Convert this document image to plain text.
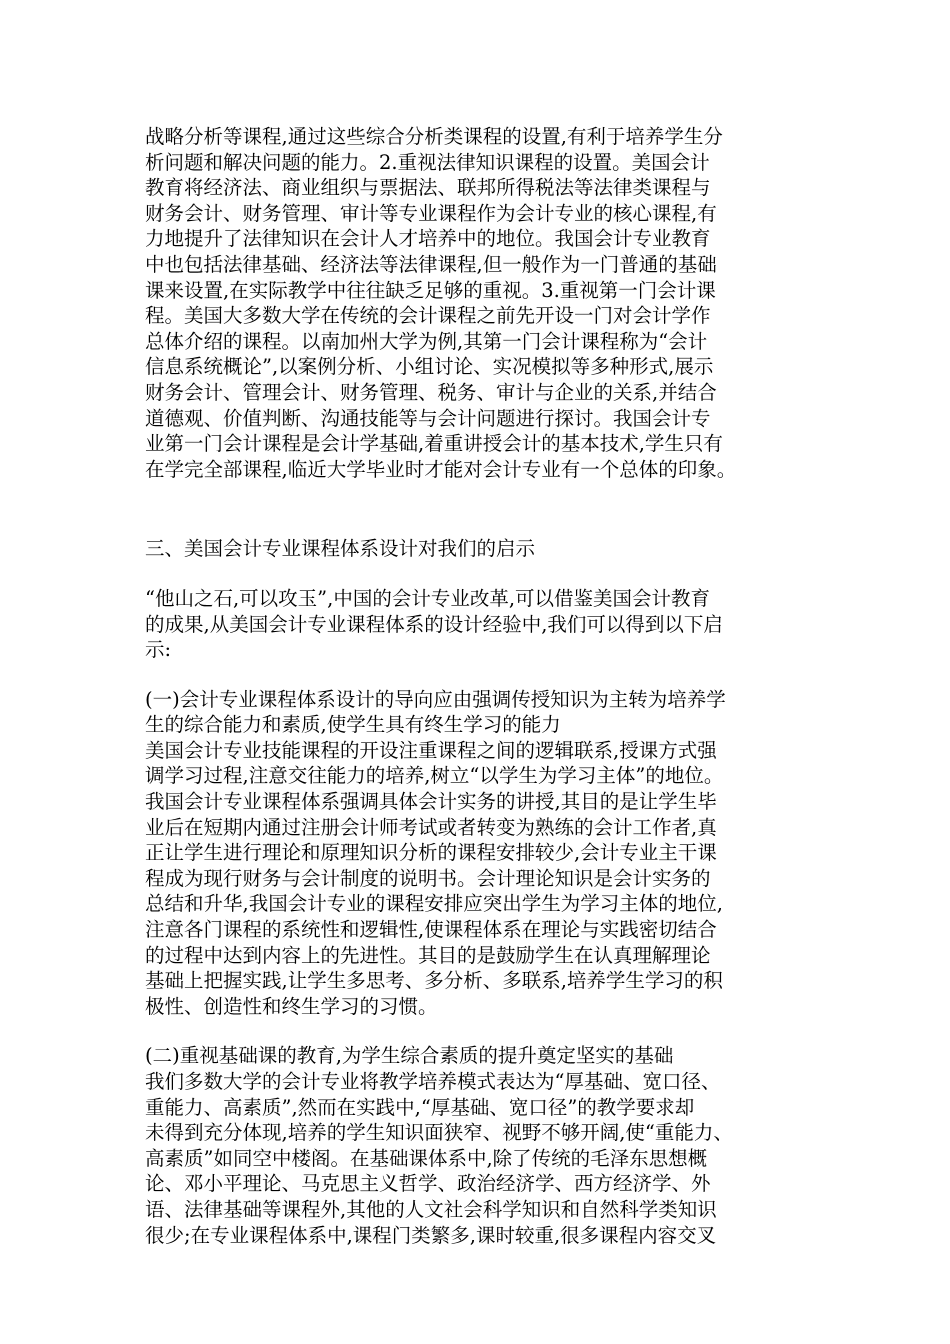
战略分析等课程,通过这些综合分析类课程的设置,有利于培养学生分
析问题和解决问题的能力。2.重视法律知识课程的设置。美国会计
教育将经济法、商业组织与票据法、联邦所得税法等法律类课程与
财务会计、财务管理、审计等专业课程作为会计专业的核心课程,有
力地提升了法律知识在会计人才培养中的地位。我国会计专业教育
中也包括法律基础、经济法等法律课程,但一般作为一门普通的基础
课来设置,在实际教学中往往缺乏足够的重视。3.重视第一门会计课
程。美国大多数大学在传统的会计课程之前先开设一门对会计学作
总体介绍的课程。以南加州大学为例,其第一门会计课程称为“会计
信息系统概论”,以案例分析、小组讨论、实况模拟等多种形式,展示
财务会计、管理会计、财务管理、税务、审计与企业的关系,并结合
道德观、价值判断、沟通技能等与会计问题进行探讨。我国会计专
业第一门会计课程是会计学基础,着重讲授会计的基本技术,学生只有
在学完全部课程,临近大学毕业时才能对会计专业有一个总体的印象。
三、美国会计专业课程体系设计对我们的启示
“他山之石,可以攻玉”,中国的会计专业改革,可以借鉴美国会计教育
的成果,从美国会计专业课程体系的设计经验中,我们可以得到以下启
示:
(一)会计专业课程体系设计的导向应由强调传授知识为主转为培养学
生的综合能力和素质,使学生具有终生学习的能力
美国会计专业技能课程的开设注重课程之间的逻辑联系,授课方式强
调学习过程,注意交往能力的培养,树立“以学生为学习主体”的地位。
我国会计专业课程体系强调具体会计实务的讲授,其目的是让学生毕
业后在短期内通过注册会计师考试或者转变为熟练的会计工作者,真
正让学生进行理论和原理知识分析的课程安排较少,会计专业主干课
程成为现行财务与会计制度的说明书。会计理论知识是会计实务的
总结和升华,我国会计专业的课程安排应突出学生为学习主体的地位,
注意各门课程的系统性和逻辑性,使课程体系在理论与实践密切结合
的过程中达到内容上的先进性。其目的是鼓励学生在认真理解理论
基础上把握实践,让学生多思考、多分析、多联系,培养学生学习的积
极性、创造性和终生学习的习惯。
(二)重视基础课的教育,为学生综合素质的提升奠定坚实的基础
我们多数大学的会计专业将教学培养模式表达为“厚基础、宽口径、
重能力、高素质”,然而在实践中,“厚基础、宽口径”的教学要求却
未得到充分体现,培养的学生知识面狭窄、视野不够开阔,使“重能力、
高素质”如同空中楼阁。在基础课体系中,除了传统的毛泽东思想概
论、邓小平理论、马克思主义哲学、政治经济学、西方经济学、外
语、法律基础等课程外,其他的人文社会科学知识和自然科学类知识
很少;在专业课程体系中,课程门类繁多,课时较重,很多课程内容交叉
